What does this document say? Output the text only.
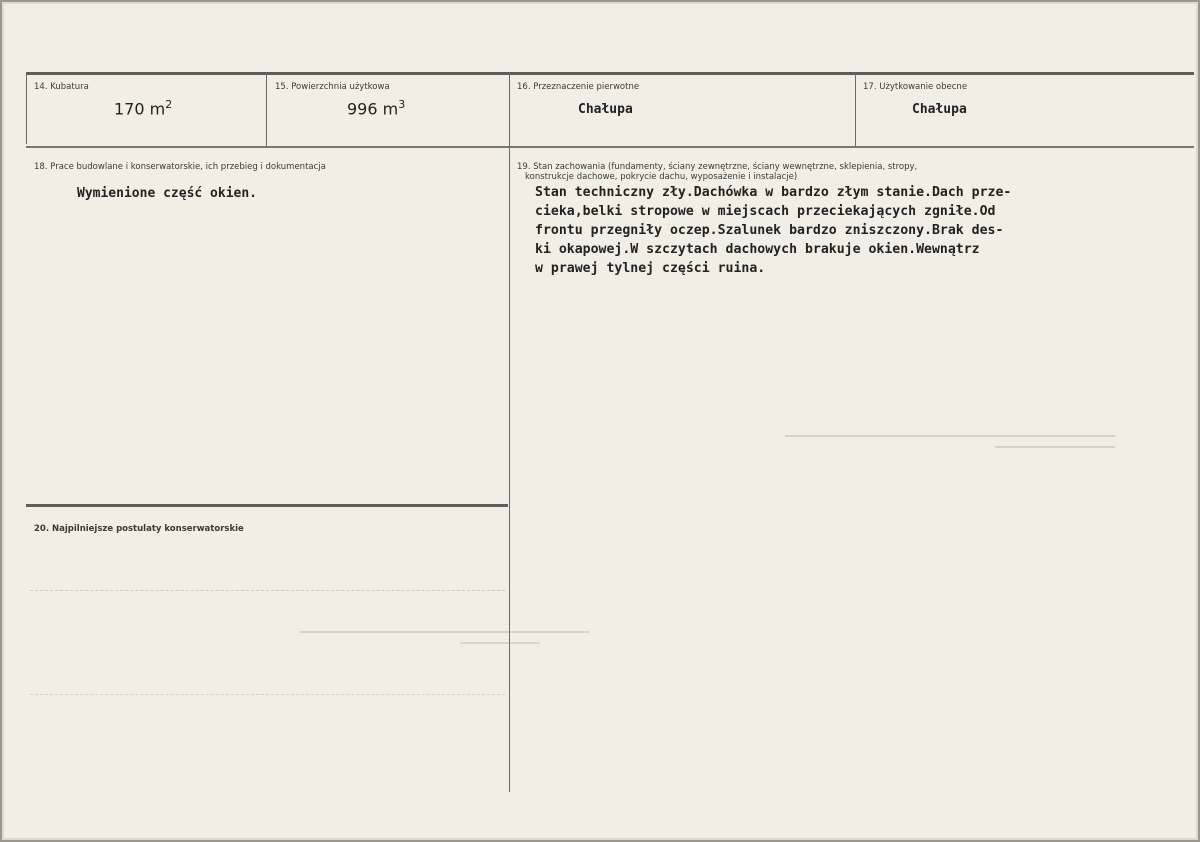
14. Kubatura
170 $m^2$
15. Powierzchnia użytkowa
996 $m^3$
16. Przeznaczenie pierwotne
Chałupa
17. Użytkowanie obecne
Chałupa
18. Prace budowlane i konserwatorskie, ich przebieg i dokumentacja
Wymienione część okien.
19. Stan zachowania (fundamenty, ściany zewnętrzne, ściany wewnętrzne, sklepienia, stropy,
konstrukcje dachowe, pokrycie dachu, wyposażenie i instalacje)
Stan techniczny zły.Dachówka w bardzo złym stanie.Dach prze-
cieka,belki stropowe w miejscach przeciekających zgniłe.Od
frontu przegniły oczep.Szalunek bardzo zniszczony.Brak des-
ki okapowej.W szczytach dachowych brakuje okien.Wewnątrz
w prawej tylnej części ruina.
20. Najpilniejsze postulaty konserwatorskie
